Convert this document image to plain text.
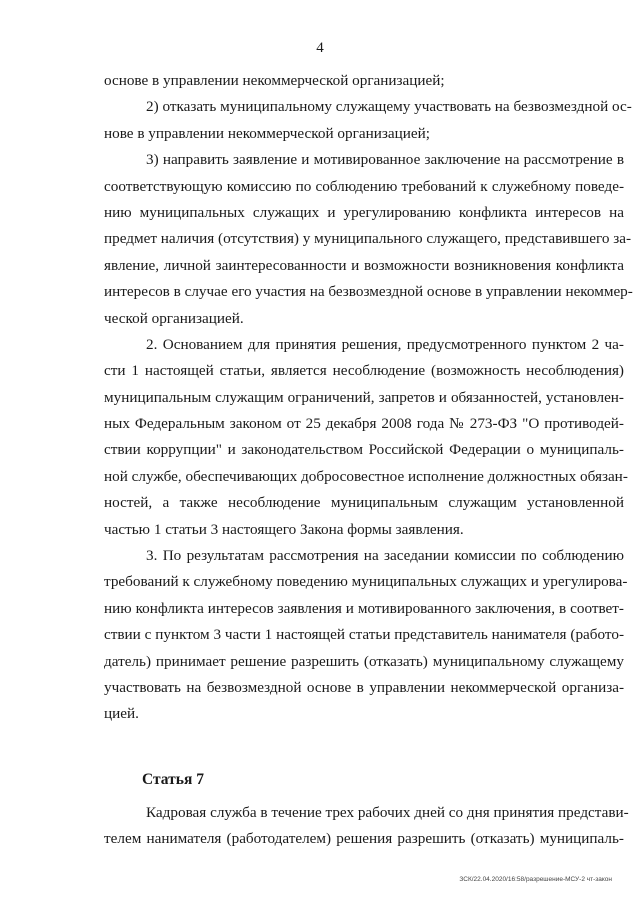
4
основе в управлении некоммерческой организацией;
2) отказать муниципальному служащему участвовать на безвозмездной ос-
нове в управлении некоммерческой организацией;
3) направить заявление и мотивированное заключение на рассмотрение в
соответствующую комиссию по соблюдению требований к служебному поведе-
нию муниципальных служащих и урегулированию конфликта интересов на
предмет наличия (отсутствия) у муниципального служащего, представившего за-
явление, личной заинтересованности и возможности возникновения конфликта
интересов в случае его участия на безвозмездной основе в управлении некоммер-
ческой организацией.
2. Основанием для принятия решения, предусмотренного пунктом 2 ча-
сти 1 настоящей статьи, является несоблюдение (возможность несоблюдения)
муниципальным служащим ограничений, запретов и обязанностей, установлен-
ных Федеральным законом от 25 декабря 2008 года № 273-ФЗ "О противодей-
ствии коррупции" и законодательством Российской Федерации о муниципаль-
ной службе, обеспечивающих добросовестное исполнение должностных обязан-
ностей, а также несоблюдение муниципальным служащим установленной
частью 1 статьи 3 настоящего Закона формы заявления.
3. По результатам рассмотрения на заседании комиссии по соблюдению
требований к служебному поведению муниципальных служащих и урегулирова-
нию конфликта интересов заявления и мотивированного заключения, в соответ-
ствии с пунктом 3 части 1 настоящей статьи представитель нанимателя (работо-
датель) принимает решение разрешить (отказать) муниципальному служащему
участвовать на безвозмездной основе в управлении некоммерческой организа-
цией.
Статья 7
Кадровая служба в течение трех рабочих дней со дня принятия представи-
телем нанимателя (работодателем) решения разрешить (отказать) муниципаль-
ЗСК/22.04.2020/16:58/разрешение-МСУ-2 чт-закон
